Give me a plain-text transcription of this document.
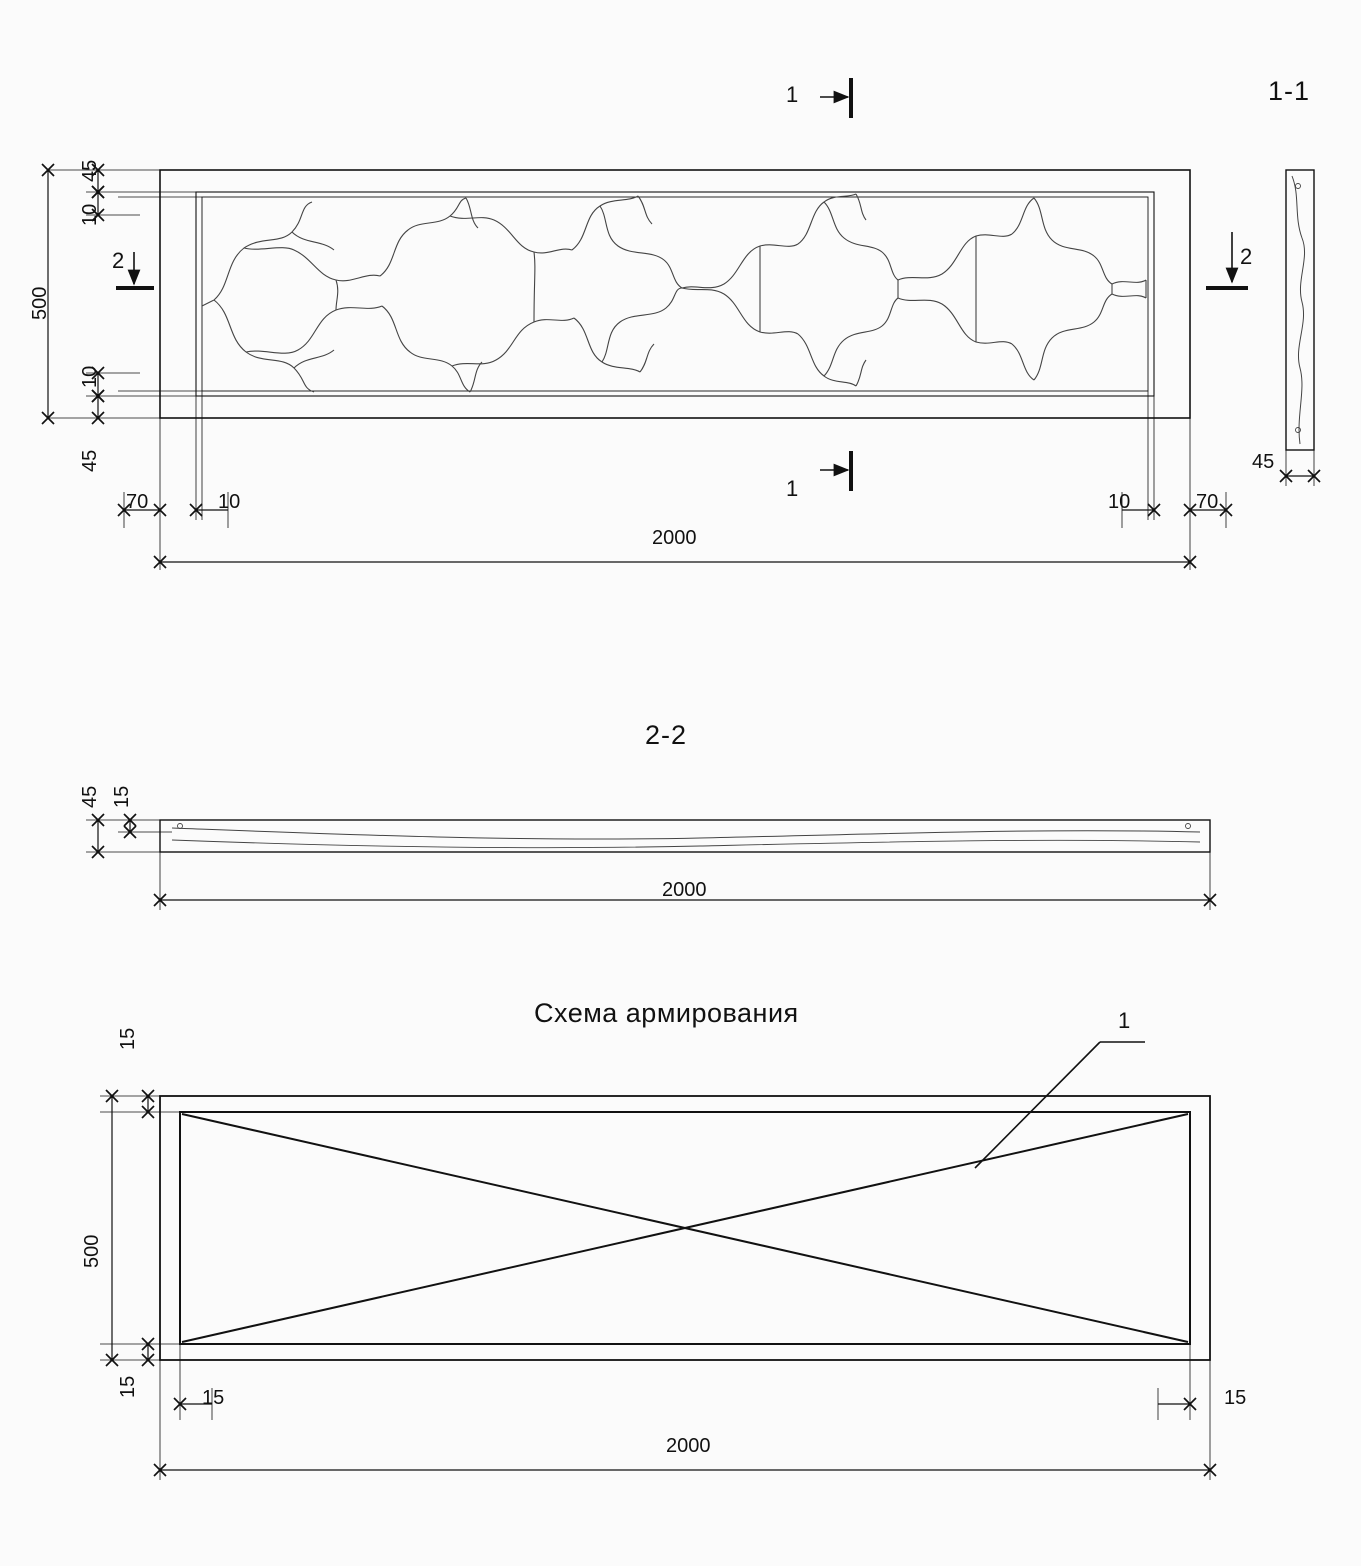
1-1
2-2
Схема армирования
1
1
2	2
45
10
10
45
500
70	10	10	70
2000
45
45 15
2000
15
15
500
15	15
2000
1
